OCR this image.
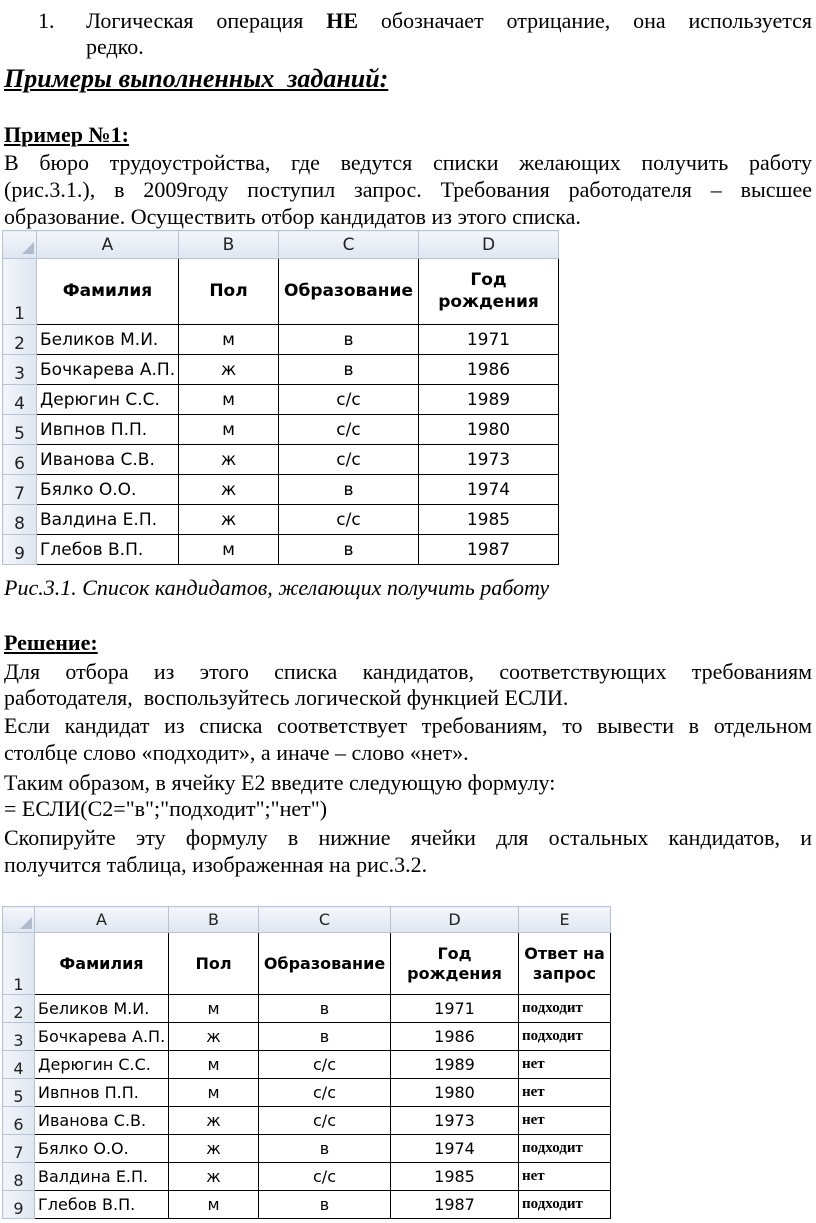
1. Логическая  операция  НЕ  обозначает  отрицание,  она  используется
редко.
Примеры выполненных  заданий:
Пример №1:
В бюро трудоустройства, где ведутся списки желающих получить работу
(рис.3.1.), в 2009году поступил запрос. Требования работодателя – высшее
образование. Осуществить отбор кандидатов из этого списка.
	A	B	C	D
1	Фамилия	Пол	Образование	Год рождения
2	Беликов М.И.	м	в	1971
3	Бочкарева А.П.	ж	в	1986
4	Дерюгин С.С.	м	с/с	1989
5	Ивпнов П.П.	м	с/с	1980
6	Иванова С.В.	ж	с/с	1973
7	Бялко О.О.	ж	в	1974
8	Валдина Е.П.	ж	с/с	1985
9	Глебов В.П.	м	в	1987
Рис.3.1. Список кандидатов, желающих получить работу
Решение:
Для отбора из этого списка кандидатов, соответствующих требованиям
работодателя,  воспользуйтесь логической функцией ЕСЛИ.
Если кандидат из списка соответствует требованиям, то вывести в отдельном
столбце слово «подходит», а иначе – слово «нет».
Таким образом, в ячейку Е2 введите следующую формулу:
= ЕСЛИ(С2="в";"подходит";"нет")
Скопируйте эту формулу в нижние ячейки для остальных кандидатов, и
получится таблица, изображенная на рис.3.2.
	A	B	C	D	E
1	Фамилия	Пол	Образование	Год рождения	Ответ на запрос
2	Беликов М.И.	м	в	1971	подходит
3	Бочкарева А.П.	ж	в	1986	подходит
4	Дерюгин С.С.	м	с/с	1989	нет
5	Ивпнов П.П.	м	с/с	1980	нет
6	Иванова С.В.	ж	с/с	1973	нет
7	Бялко О.О.	ж	в	1974	подходит
8	Валдина Е.П.	ж	с/с	1985	нет
9	Глебов В.П.	м	в	1987	подходит
